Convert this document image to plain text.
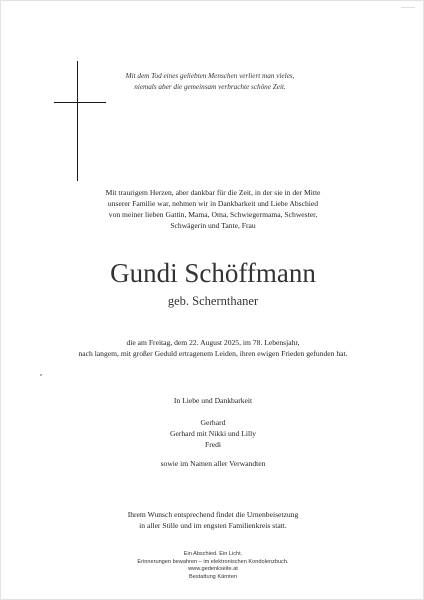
Mit dem Tod eines geliebten Menschen verliert man vieles,
niemals aber die gemeinsam verbrachte schöne Zeit.
Mit traurigem Herzen, aber dankbar für die Zeit, in der sie in der Mitte
unserer Familie war, nehmen wir in Dankbarkeit und Liebe Abschied
von meiner lieben Gattin, Mama, Oma, Schwiegermama, Schwester,
Schwägerin und Tante, Frau
Gundi Schöffmann
geb. Schernthaner
die am Freitag, dem 22. August 2025, im 78. Lebensjahr,
nach langem, mit großer Geduld ertragenem Leiden, ihren ewigen Frieden gefunden hat.
In Liebe und Dankbarkeit
Gerhard
Gerhard mit Nikki und Lilly
Fredi
sowie im Namen aller Verwandten
Ihrem Wunsch entsprechend findet die Urnenbeisetzung
in aller Stille und im engsten Familienkreis statt.
Ein Abschied. Ein Licht.
Erinnerungen bewahren – im elektronischen Kondolenzbuch.
www.gedenkseite.at
Bestattung Kärnten
